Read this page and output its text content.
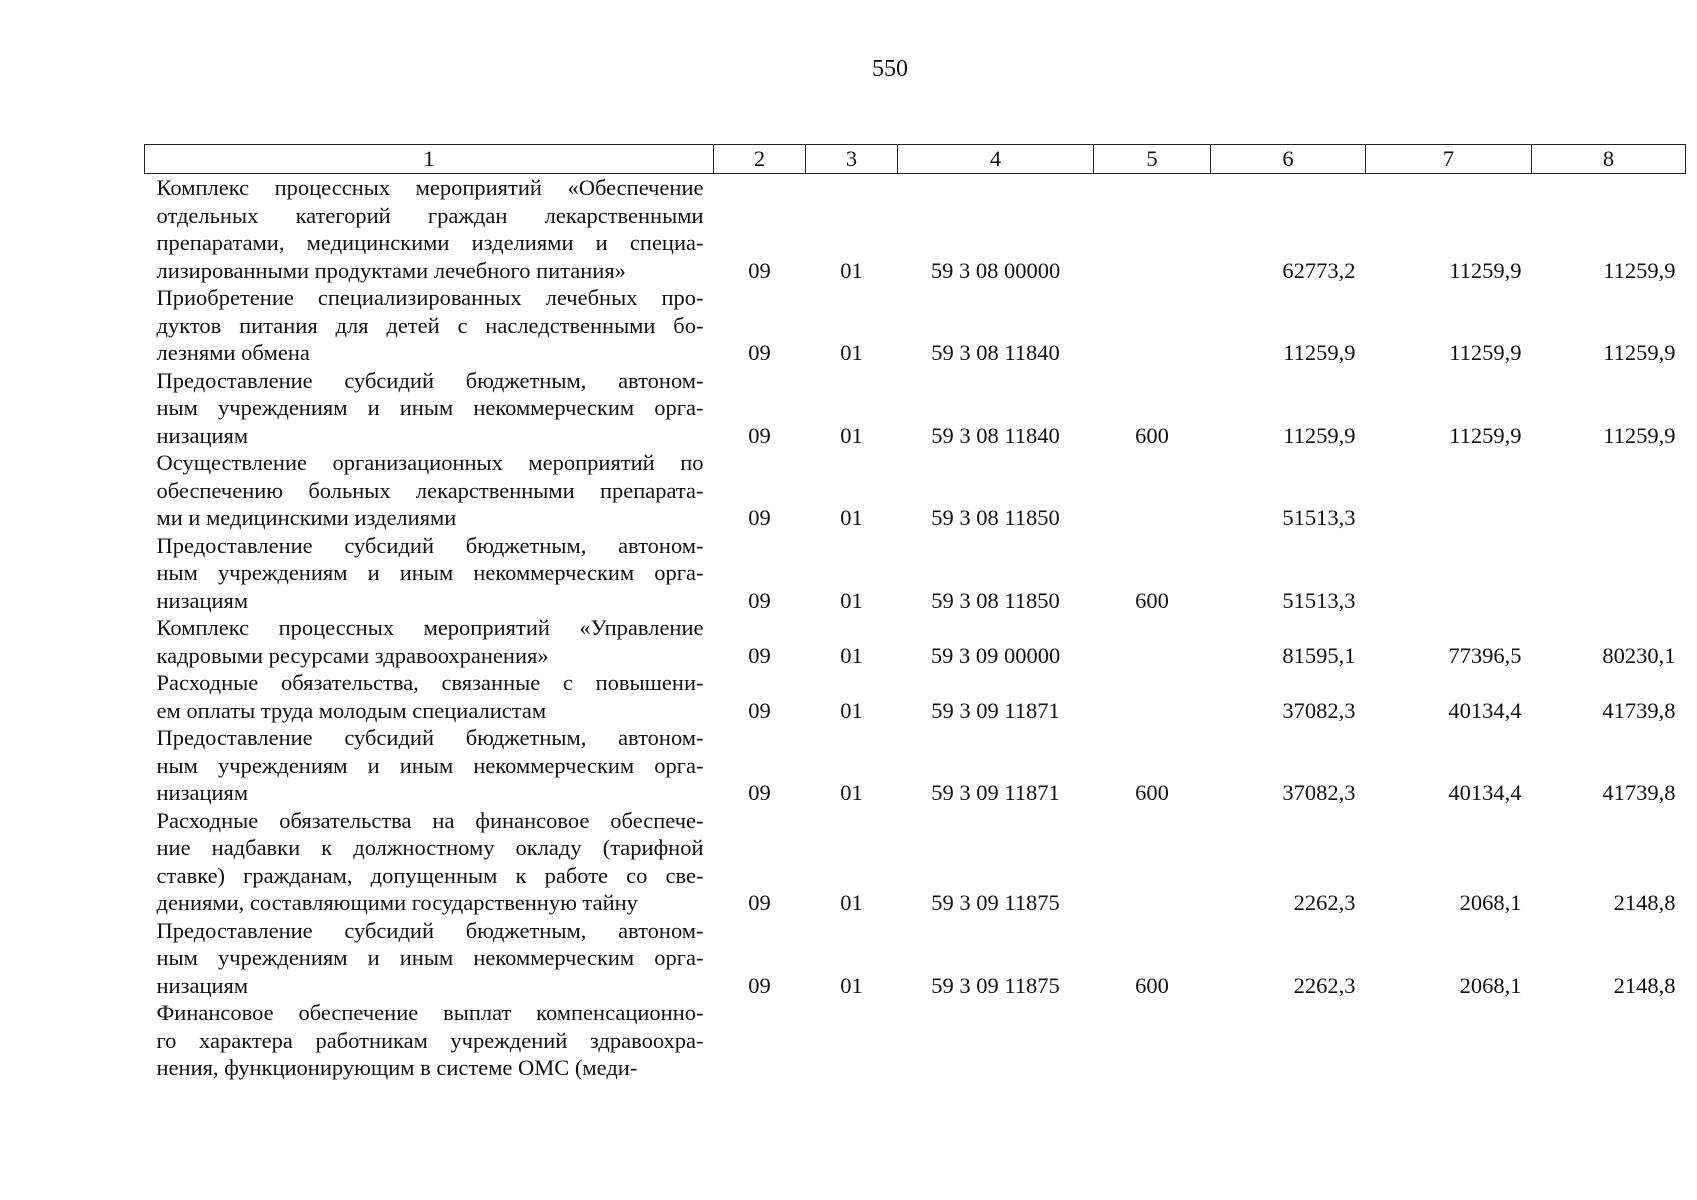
550
1	2	3	4	5	6	7	8

Комплекс процессных мероприятий «Обеспечение
отдельных категорий граждан лекарственными
препаратами, медицинскими изделиями и специа-
лизированными продуктами лечебного питания»	09	01	59 3 08 00000		62773,2	11259,9	11259,9

Приобретение специализированных лечебных про-
дуктов питания для детей с наследственными бо-
лезнями обмена	09	01	59 3 08 11840		11259,9	11259,9	11259,9

Предоставление субсидий бюджетным, автоном-
ным учреждениям и иным некоммерческим орга-
низациям	09	01	59 3 08 11840	600	11259,9	11259,9	11259,9

Осуществление организационных мероприятий по
обеспечению больных лекарственными препарата-
ми и медицинскими изделиями	09	01	59 3 08 11850		51513,3		

Предоставление субсидий бюджетным, автоном-
ным учреждениям и иным некоммерческим орга-
низациям	09	01	59 3 08 11850	600	51513,3		

Комплекс процессных мероприятий «Управление
кадровыми ресурсами здравоохранения»	09	01	59 3 09 00000		81595,1	77396,5	80230,1

Расходные обязательства, связанные с повышени-
ем оплаты труда молодым специалистам	09	01	59 3 09 11871		37082,3	40134,4	41739,8

Предоставление субсидий бюджетным, автоном-
ным учреждениям и иным некоммерческим орга-
низациям	09	01	59 3 09 11871	600	37082,3	40134,4	41739,8

Расходные обязательства на финансовое обеспече-
ние надбавки к должностному окладу (тарифной
ставке) гражданам, допущенным к работе со све-
дениями, составляющими государственную тайну	09	01	59 3 09 11875		2262,3	2068,1	2148,8

Предоставление субсидий бюджетным, автоном-
ным учреждениям и иным некоммерческим орга-
низациям	09	01	59 3 09 11875	600	2262,3	2068,1	2148,8

Финансовое обеспечение выплат компенсационно-
го характера работникам учреждений здравоохра-
нения, функционирующим в системе ОМС (меди-							
